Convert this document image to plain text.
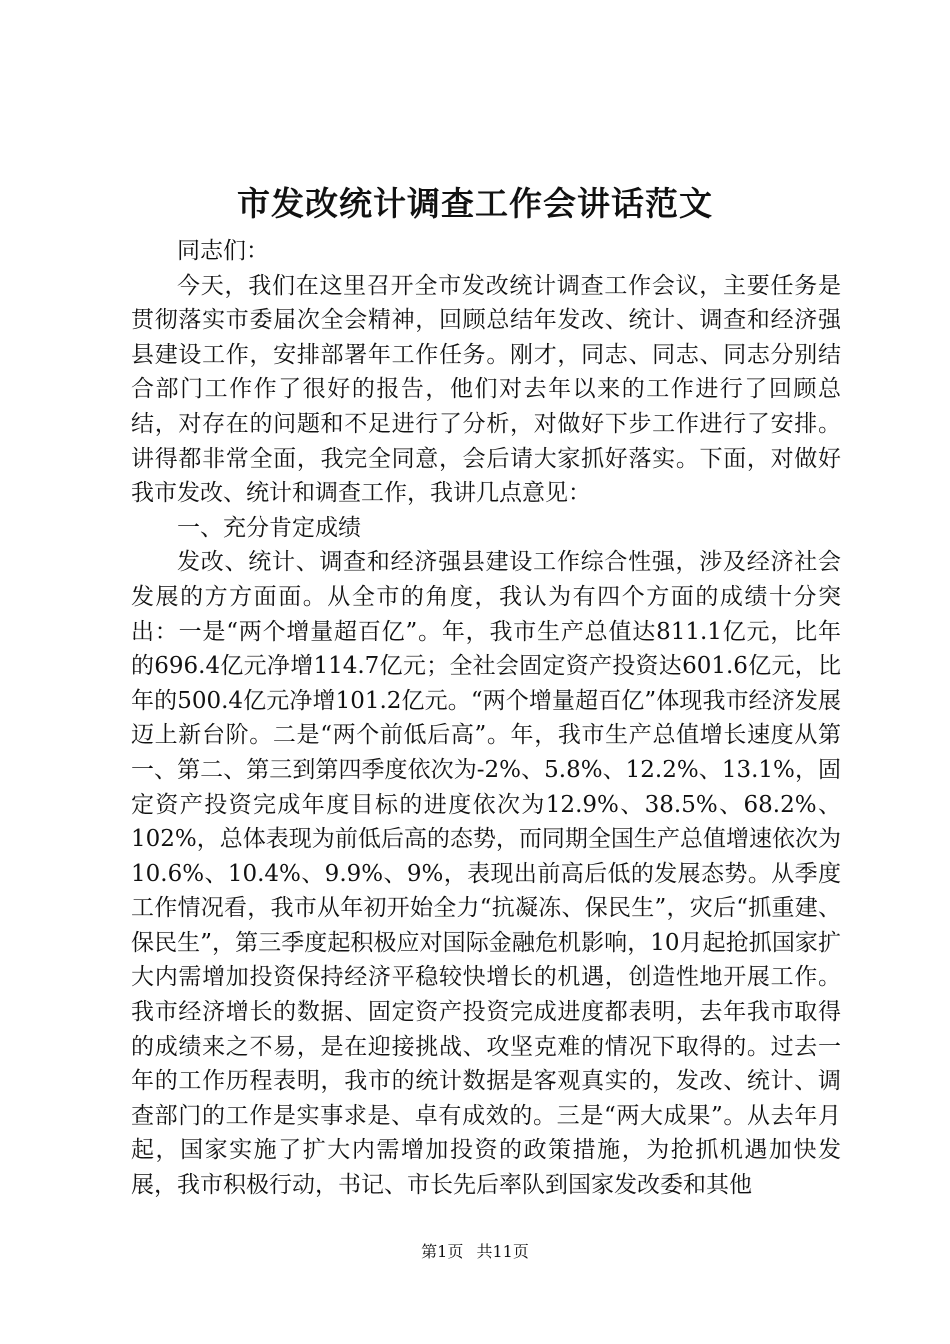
市发改统计调查工作会讲话范文

同志们：

今天，我们在这里召开全市发改统计调查工作会议，主要任务是贯彻落实市委届次全会精神，回顾总结年发改、统计、调查和经济强县建设工作，安排部署年工作任务。刚才，同志、同志、同志分别结合部门工作作了很好的报告，他们对去年以来的工作进行了回顾总结，对存在的问题和不足进行了分析，对做好下步工作进行了安排。讲得都非常全面，我完全同意，会后请大家抓好落实。下面，对做好我市发改、统计和调查工作，我讲几点意见：

一、充分肯定成绩

发改、统计、调查和经济强县建设工作综合性强，涉及经济社会发展的方方面面。从全市的角度，我认为有四个方面的成绩十分突出：一是“两个增量超百亿”。年，我市生产总值达811.1亿元，比年的696.4亿元净增114.7亿元；全社会固定资产投资达601.6亿元，比年的500.4亿元净增101.2亿元。“两个增量超百亿”体现我市经济发展迈上新台阶。二是“两个前低后高”。年，我市生产总值增长速度从第一、第二、第三到第四季度依次为-2%、5.8%、12.2%、13.1%，固定资产投资完成年度目标的进度依次为12.9%、38.5%、68.2%、102%，总体表现为前低后高的态势，而同期全国生产总值增速依次为10.6%、10.4%、9.9%、9%，表现出前高后低的发展态势。从季度工作情况看，我市从年初开始全力“抗凝冻、保民生”，灾后“抓重建、保民生”，第三季度起积极应对国际金融危机影响，10月起抢抓国家扩大内需增加投资保持经济平稳较快增长的机遇，创造性地开展工作。我市经济增长的数据、固定资产投资完成进度都表明，去年我市取得的成绩来之不易，是在迎接挑战、攻坚克难的情况下取得的。过去一年的工作历程表明，我市的统计数据是客观真实的，发改、统计、调查部门的工作是实事求是、卓有成效的。三是“两大成果”。从去年月起，国家实施了扩大内需增加投资的政策措施，为抢抓机遇加快发展，我市积极行动，书记、市长先后率队到国家发改委和其他

第1页 共11页
